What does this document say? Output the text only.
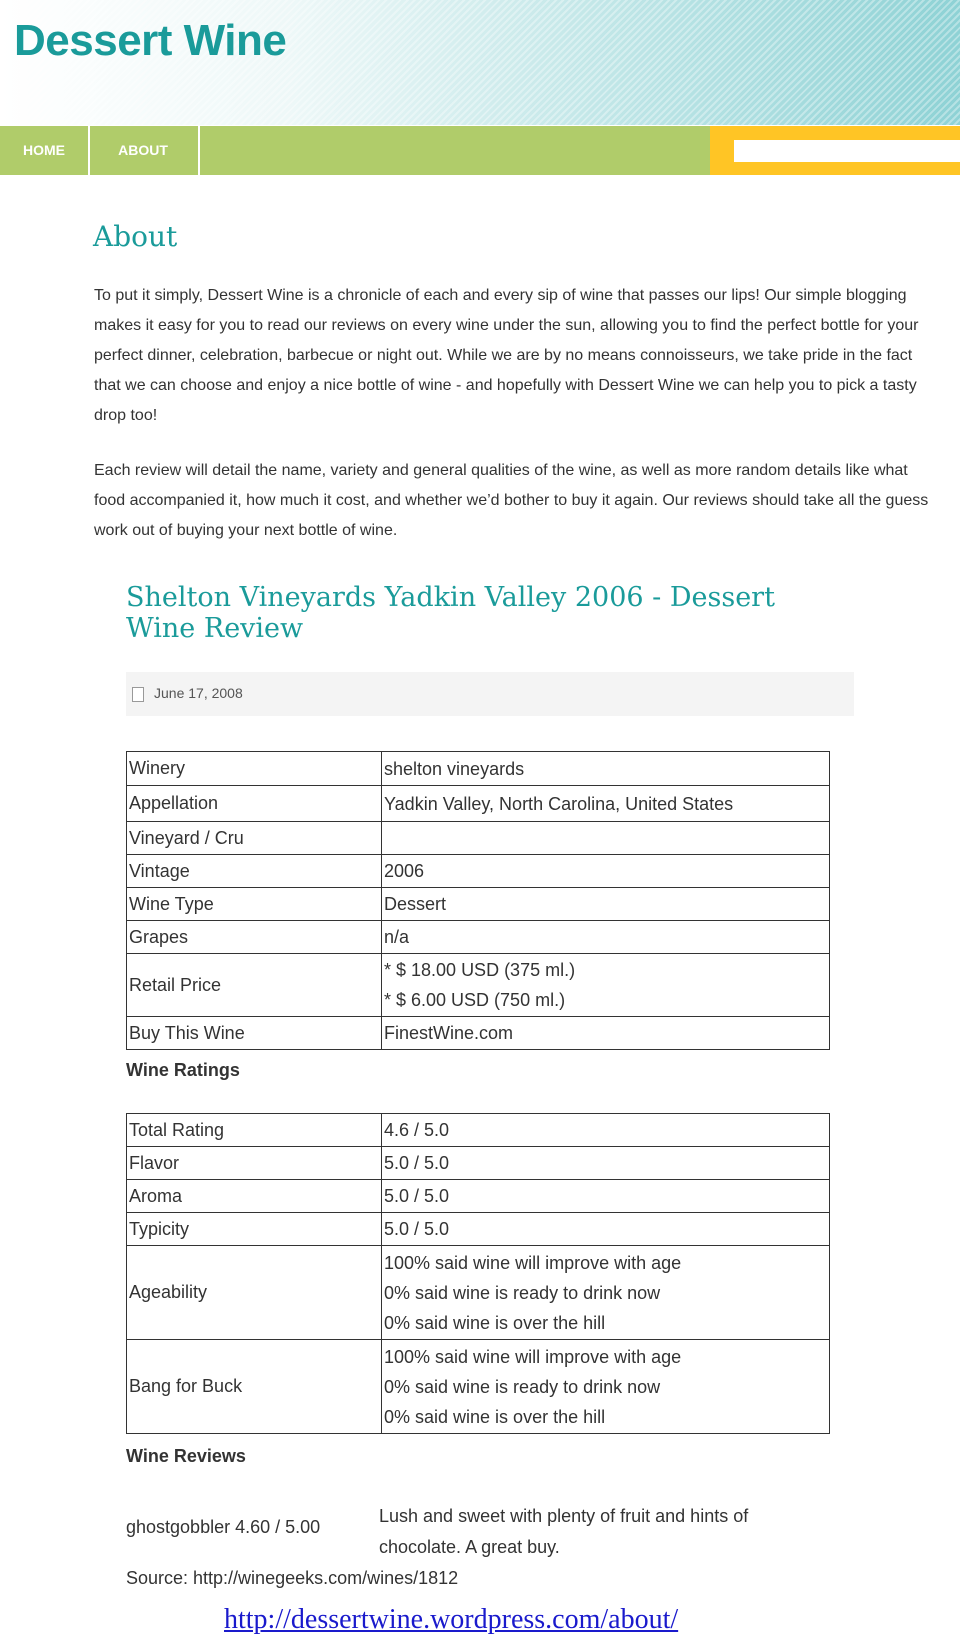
Dessert Wine
HOME	ABOUT
About

To put it simply, Dessert Wine is a chronicle of each and every sip of wine that passes our lips! Our simple blogging makes it easy for you to read our reviews on every wine under the sun, allowing you to find the perfect bottle for your perfect dinner, celebration, barbecue or night out. While we are by no means connoisseurs, we take pride in the fact that we can choose and enjoy a nice bottle of wine - and hopefully with Dessert Wine we can help you to pick a tasty drop too!

Each review will detail the name, variety and general qualities of the wine, as well as more random details like what food accompanied it, how much it cost, and whether we’d bother to buy it again. Our reviews should take all the guess work out of buying your next bottle of wine.

Shelton Vineyards Yadkin Valley 2006 - Dessert Wine Review
June 17, 2008
Winery	shelton vineyards

Appellation	Yadkin Valley, North Carolina, United States

Vineyard / Cru	

Vintage	2006

Wine Type	Dessert

Grapes	n/a

Retail Price	* $ 18.00 USD (375 ml.)
* $ 6.00 USD (750 ml.)

Buy This Wine	FinestWine.com
Wine Ratings
Total Rating	4.6 / 5.0

Flavor	5.0 / 5.0

Aroma	5.0 / 5.0

Typicity	5.0 / 5.0

Ageability	100% said wine will improve with age
0% said wine is ready to drink now
0% said wine is over the hill

Bang for Buck	100% said wine will improve with age
0% said wine is ready to drink now
0% said wine is over the hill
Wine Reviews
ghostgobbler 4.60 / 5.00
Lush and sweet with plenty of fruit and hints of chocolate. A great buy.
Source: http://winegeeks.com/wines/1812
http://dessertwine.wordpress.com/about/
